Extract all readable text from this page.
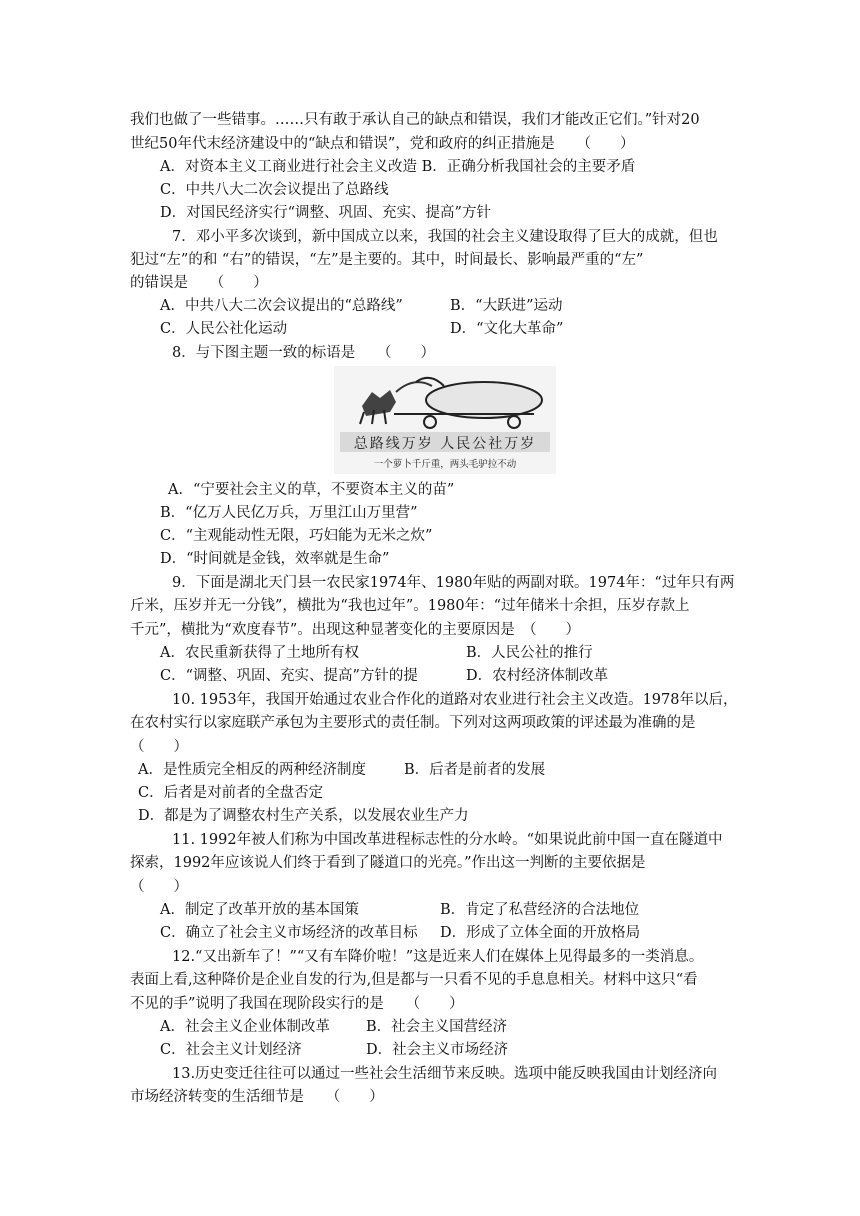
我们也做了一些错事。……只有敢于承认自己的缺点和错误，我们才能改正它们。”针对20
世纪50年代末经济建设中的“缺点和错误”，党和政府的纠正措施是　　（　　）
A．对资本主义工商业进行社会主义改造 B．正确分析我国社会的主要矛盾
C．中共八大二次会议提出了总路线
D．对国民经济实行“调整、巩固、充实、提高”方针
7．邓小平多次谈到，新中国成立以来，我国的社会主义建设取得了巨大的成就，但也
犯过“左”的和 “右”的错误，“左”是主要的。其中，时间最长、影响最严重的“左”
的错误是　　（　　）
A．中共八大二次会议提出的“总路线”	B．“大跃进”运动
C．人民公社化运动	D．“文化大革命”
8．与下图主题一致的标语是　　（　　）
总路线万岁 人民公社万岁
一个萝卜千斤重，两头毛驴拉不动
A．“宁要社会主义的草，不要资本主义的苗”
B．“亿万人民亿万兵，万里江山万里营”
C．“主观能动性无限，巧妇能为无米之炊”
D．“时间就是金钱，效率就是生命”
9．下面是湖北天门县一农民家1974年、1980年贴的两副对联。1974年：“过年只有两
斤米，压岁并无一分钱”，横批为“我也过年”。1980年：“过年储米十余担，压岁存款上
千元”，横批为“欢度春节”。出现这种显著变化的主要原因是　（　　）
A．农民重新获得了土地所有权	B．人民公社的推行
C．“调整、巩固、充实、提高”方针的提	D．农村经济体制改革
10. 1953年，我国开始通过农业合作化的道路对农业进行社会主义改造。1978年以后，
在农村实行以家庭联产承包为主要形式的责任制。下列对这两项政策的评述最为准确的是
（　　）
A．是性质完全相反的两种经济制度	B．后者是前者的发展
C．后者是对前者的全盘否定
D．都是为了调整农村生产关系，以发展农业生产力
11. 1992年被人们称为中国改革进程标志性的分水岭。“如果说此前中国一直在隧道中
探索，1992年应该说人们终于看到了隧道口的光亮。”作出这一判断的主要依据是
（　　）
A．制定了改革开放的基本国策	B．肯定了私营经济的合法地位
C．确立了社会主义市场经济的改革目标 D．形成了立体全面的开放格局
12.“又出新车了！”“又有车降价啦！”这是近来人们在媒体上见得最多的一类消息。
表面上看,这种降价是企业自发的行为,但是都与一只看不见的手息息相关。材料中这只“看
不见的手”说明了我国在现阶段实行的是　　（　　）
A．社会主义企业体制改革 B．社会主义国营经济
C．社会主义计划经济	D．社会主义市场经济
13.历史变迁往往可以通过一些社会生活细节来反映。选项中能反映我国由计划经济向
市场经济转变的生活细节是　　（　　）
